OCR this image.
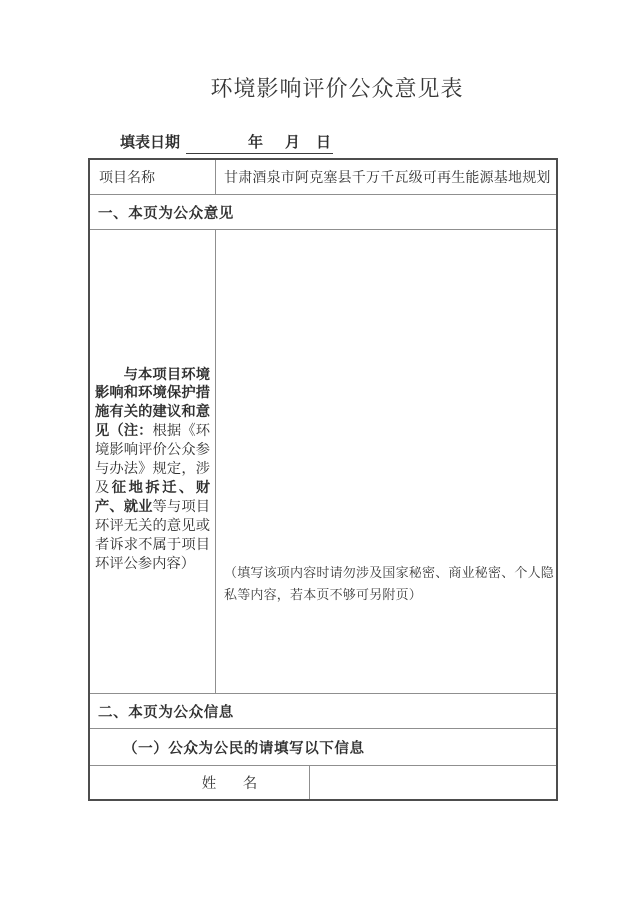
环境影响评价公众意见表
填表日期	年 月 日
项目名称	甘肃酒泉市阿克塞县千万千瓦级可再生能源基地规划
一、本页为公众意见
与本项目环境影响和环境保护措施有关的建议和意见（注：根据《环境影响评价公众参与办法》规定，涉及征地拆迁、财产、就业等与项目环评无关的意见或者诉求不属于项目环评公参内容）
（填写该项内容时请勿涉及国家秘密、商业秘密、个人隐私等内容，若本页不够可另附页）
二、本页为公众信息
（一）公众为公民的请填写以下信息
姓　名
